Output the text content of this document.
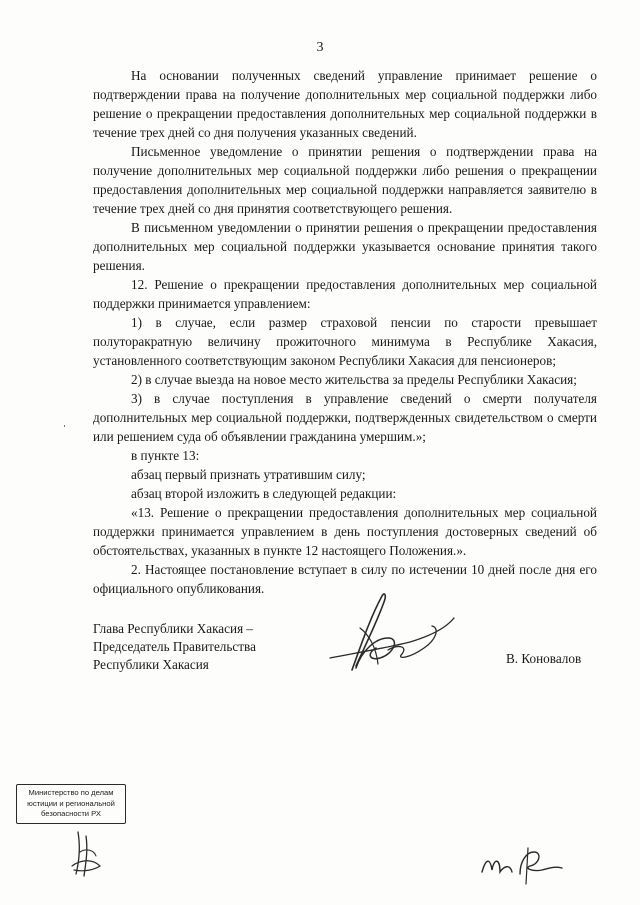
3

На основании полученных сведений управление принимает решение о подтверждении права на получение дополнительных мер социальной поддержки либо решение о прекращении предоставления дополнительных мер социальной поддержки в течение трех дней со дня получения указанных сведений.

Письменное уведомление о принятии решения о подтверждении права на получение дополнительных мер социальной поддержки либо решения о прекращении предоставления дополнительных мер социальной поддержки направляется заявителю в течение трех дней со дня принятия соответствующего решения.

В письменном уведомлении о принятии решения о прекращении предоставления дополнительных мер социальной поддержки указывается основание принятия такого решения.

12. Решение о прекращении предоставления дополнительных мер социальной поддержки принимается управлением:

1) в случае, если размер страховой пенсии по старости превышает полуторакратную величину прожиточного минимума в Республике Хакасия, установленного соответствующим законом Республики Хакасия для пенсионеров;

2) в случае выезда на новое место жительства за пределы Республики Хакасия;

3) в случае поступления в управление сведений о смерти получателя дополнительных мер социальной поддержки, подтвержденных свидетельством о смерти или решением суда об объявлении гражданина умершим.»;

в пункте 13:

абзац первый признать утратившим силу;

абзац второй изложить в следующей редакции:

«13. Решение о прекращении предоставления дополнительных мер социальной поддержки принимается управлением в день поступления достоверных сведений об обстоятельствах, указанных в пункте 12 настоящего Положения.».

2. Настоящее постановление вступает в силу по истечении 10 дней после дня его официального опубликования.

Глава Республики Хакасия –
Председатель Правительства
Республики Хакасия	В. Коновалов
Министерство по делам
юстиции и региональной
безопасности РХ
